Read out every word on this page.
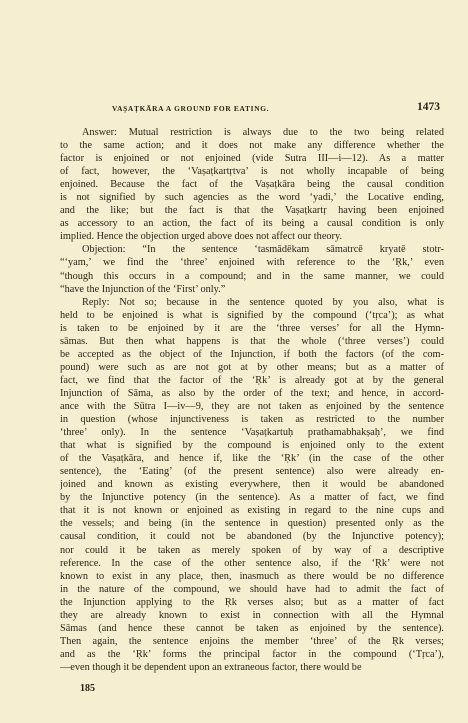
VAṢAṬKĀRA A GROUND FOR EATING.	1473
Answer: Mutual restriction is always due to the two being related
to the same action; and it does not make any difference whether the
factor is enjoined or not enjoined (vide Sutra III—i—12). As a matter
of fact, however, the ‘Vaṣaṭkartṛtva’ is not wholly incapable of being
enjoined. Because the fact of the Vaṣaṭkāra being the causal condition
is not signified by such agencies as the word ‘yadi,’ the Locative ending,
and the like; but the fact is that the Vaṣaṭkartṛ having been enjoined
as accessory to an action, the fact of its being a causal condition is only
implied. Hence the objection urged above does not affect our theory.
Objection: “In the sentence ‘tasmādēkam sāmatrcē kryatē stotr-
“‘yam,’ we find the ‘three’ enjoined with reference to the ‘Ṛk,’ even
“though this occurs in a compound; and in the same manner, we could
“have the Injunction of the ‘First’ only.”
Reply: Not so; because in the sentence quoted by you also, what is
held to be enjoined is what is signified by the compound (‘tṛca’); as what
is taken to be enjoined by it are the ‘three verses’ for all the Hymn-
sāmas. But then what happens is that the whole (‘three verses’) could
be accepted as the object of the Injunction, if both the factors (of the com-
pound) were such as are not got at by other means; but as a matter of
fact, we find that the factor of the ‘Ṛk’ is already got at by the general
Injunction of Sāma, as also by the order of the text; and hence, in accord-
ance with the Sūtra I—iv—9, they are not taken as enjoined by the sentence
in question (whose injunctiveness is taken as restricted to the number
‘three’ only). In the sentence ‘Vaṣaṭkartuḥ prathamabhakṣaḥ’, we find
that what is signified by the compound is enjoined only to the extent
of the Vaṣaṭkāra, and hence if, like the ‘Ṛk’ (in the case of the other
sentence), the ‘Eating’ (of the present sentence) also were already en-
joined and known as existing everywhere, then it would be abandoned
by the Injunctive potency (in the sentence). As a matter of fact, we find
that it is not known or enjoined as existing in regard to the nine cups and
the vessels; and being (in the sentence in question) presented only as the
causal condition, it could not be abandoned (by the Injunctive potency);
nor could it be taken as merely spoken of by way of a descriptive
reference. In the case of the other sentence also, if the ‘Ṛk’ were not
known to exist in any place, then, inasmuch as there would be no difference
in the nature of the compound, we should have had to admit the fact of
the Injunction applying to the Ṛk verses also; but as a matter of fact
they are already known to exist in connection with all the Hymnal
Sāmas (and hence these cannot be taken as enjoined by the sentence).
Then again, the sentence enjoins the member ‘three’ of the Ṛk verses;
and as the ‘Ṛk’ forms the principal factor in the compound (‘Tṛca’),
—even though it be dependent upon an extraneous factor, there would be
185
